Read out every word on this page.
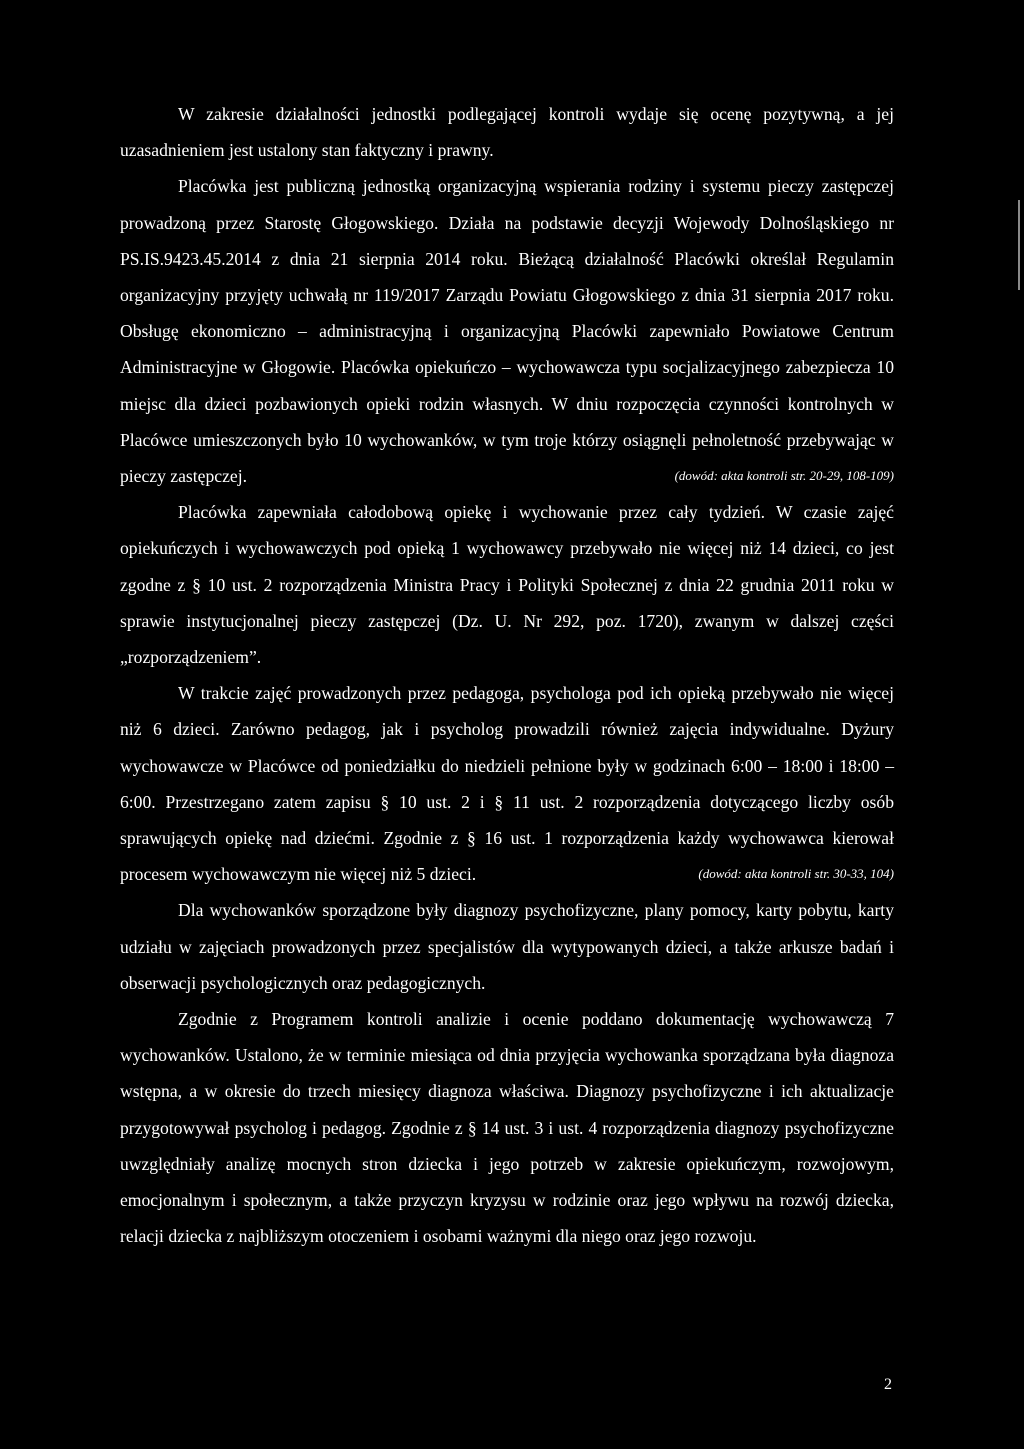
W zakresie działalności jednostki podlegającej kontroli wydaje się ocenę pozytywną, a jej uzasadnieniem jest ustalony stan faktyczny i prawny.

Placówka jest publiczną jednostką organizacyjną wspierania rodziny i systemu pieczy zastępczej prowadzoną przez Starostę Głogowskiego. Działa na podstawie decyzji Wojewody Dolnośląskiego nr PS.IS.9423.45.2014 z dnia 21 sierpnia 2014 roku. Bieżącą działalność Placówki określał Regulamin organizacyjny przyjęty uchwałą nr 119/2017 Zarządu Powiatu Głogowskiego z dnia 31 sierpnia 2017 roku. Obsługę ekonomiczno – administracyjną i organizacyjną Placówki zapewniało Powiatowe Centrum Administracyjne w Głogowie. Placówka opiekuńczo – wychowawcza typu socjalizacyjnego zabezpiecza 10 miejsc dla dzieci pozbawionych opieki rodzin własnych. W dniu rozpoczęcia czynności kontrolnych w Placówce umieszczonych było 10 wychowanków, w tym troje którzy osiągnęli pełnoletność przebywając w pieczy zastępczej.	(dowód: akta kontroli str. 20-29, 108-109)

Placówka zapewniała całodobową opiekę i wychowanie przez cały tydzień. W czasie zajęć opiekuńczych i wychowawczych pod opieką 1 wychowawcy przebywało nie więcej niż 14 dzieci, co jest zgodne z § 10 ust. 2 rozporządzenia Ministra Pracy i Polityki Społecznej z dnia 22 grudnia 2011 roku w sprawie instytucjonalnej pieczy zastępczej (Dz. U. Nr 292, poz. 1720), zwanym w dalszej części „rozporządzeniem”.

W trakcie zajęć prowadzonych przez pedagoga, psychologa pod ich opieką przebywało nie więcej niż 6 dzieci. Zarówno pedagog, jak i psycholog prowadzili również zajęcia indywidualne. Dyżury wychowawcze w Placówce od poniedziałku do niedzieli pełnione były w godzinach 6:00 – 18:00 i 18:00 – 6:00. Przestrzegano zatem zapisu § 10 ust. 2 i § 11 ust. 2 rozporządzenia dotyczącego liczby osób sprawujących opiekę nad dziećmi. Zgodnie z § 16 ust. 1 rozporządzenia każdy wychowawca kierował procesem wychowawczym nie więcej niż 5 dzieci.	(dowód: akta kontroli str. 30-33, 104)

Dla wychowanków sporządzone były diagnozy psychofizyczne, plany pomocy, karty pobytu, karty udziału w zajęciach prowadzonych przez specjalistów dla wytypowanych dzieci, a także arkusze badań i obserwacji psychologicznych oraz pedagogicznych.

Zgodnie z Programem kontroli analizie i ocenie poddano dokumentację wychowawczą 7 wychowanków. Ustalono, że w terminie miesiąca od dnia przyjęcia wychowanka sporządzana była diagnoza wstępna, a w okresie do trzech miesięcy diagnoza właściwa. Diagnozy psychofizyczne i ich aktualizacje przygotowywał psycholog i pedagog. Zgodnie z § 14 ust. 3 i ust. 4 rozporządzenia diagnozy psychofizyczne uwzględniały analizę mocnych stron dziecka i jego potrzeb w zakresie opiekuńczym, rozwojowym, emocjonalnym i społecznym, a także przyczyn kryzysu w rodzinie oraz jego wpływu na rozwój dziecka, relacji dziecka z najbliższym otoczeniem i osobami ważnymi dla niego oraz jego rozwoju.

2
